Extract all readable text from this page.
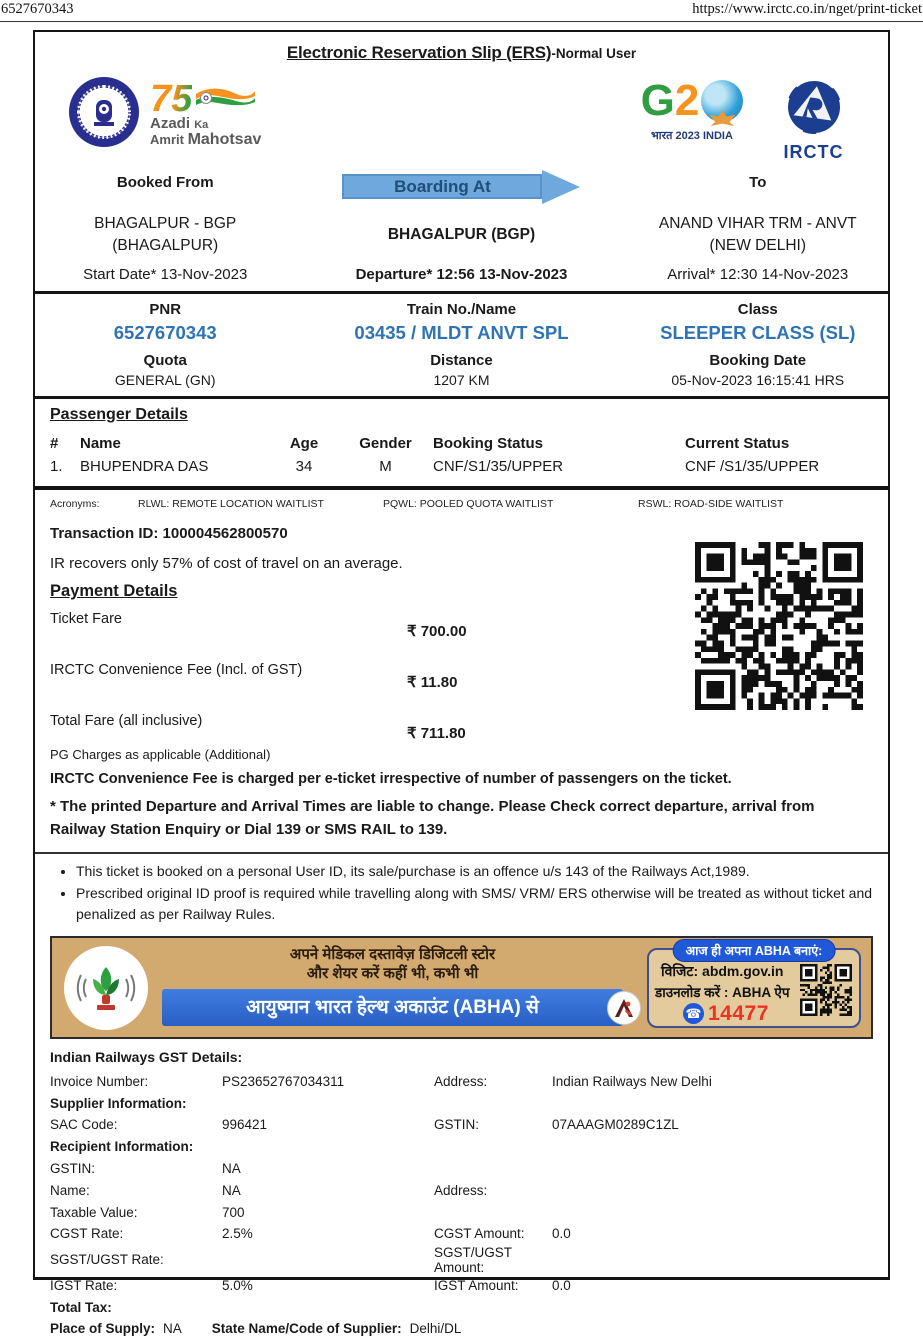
6527670343	https://www.irctc.co.in/nget/print-ticket
Electronic Reservation Slip (ERS)-Normal User
75
Azadi Ka
Amrit Mahotsav
G 2
भारत 2023 INDIA
IRCTC
Booked From	Boarding At	To
BHAGALPUR - BGP (BHAGALPUR)
BHAGALPUR (BGP)
ANAND VIHAR TRM - ANVT (NEW DELHI)
Start Date* 13-Nov-2023	Departure* 12:56 13-Nov-2023	Arrival* 12:30 14-Nov-2023
PNR	Train No./Name	Class
6527670343	03435 / MLDT ANVT SPL	SLEEPER CLASS (SL)
Quota	Distance	Booking Date
GENERAL (GN)	1207 KM	05-Nov-2023 16:15:41 HRS
Passenger Details
#	Name	Age	Gender	Booking Status	Current Status
1.	BHUPENDRA DAS	34	M	CNF/S1/35/UPPER	CNF /S1/35/UPPER
Acronyms:	RLWL: REMOTE LOCATION WAITLIST	PQWL: POOLED QUOTA WAITLIST	RSWL: ROAD-SIDE WAITLIST
Transaction ID: 100004562800570
IR recovers only 57% of cost of travel on an average.
Payment Details
Ticket Fare
₹ 700.00
IRCTC Convenience Fee (Incl. of GST)
₹ 11.80
Total Fare (all inclusive)
₹ 711.80
PG Charges as applicable (Additional)
IRCTC Convenience Fee is charged per e-ticket irrespective of number of passengers on the ticket.
* The printed Departure and Arrival Times are liable to change. Please Check correct departure, arrival from Railway Station Enquiry or Dial 139 or SMS RAIL to 139.
• This ticket is booked on a personal User ID, its sale/purchase is an offence u/s 143 of the Railways Act,1989.
• Prescribed original ID proof is required while travelling along with SMS/ VRM/ ERS otherwise will be treated as without ticket and penalized as per Railway Rules.
अपने मेडिकल दस्तावेज़ डिजिटली स्टोर
और शेयर करें कहीं भी, कभी भी
आयुष्मान भारत हेल्थ अकाउंट (ABHA) से
आज ही अपना ABHA बनाएं:
विजिट: abdm.gov.in
डाउनलोड करें : ABHA ऐप
☎ 14477
Indian Railways GST Details:
Invoice Number:	PS23652767034311	Address:	Indian Railways New Delhi
Supplier Information:
SAC Code:	996421	GSTIN:	07AAAGM0289C1ZL
Recipient Information:
GSTIN:	NA
Name:	NA	Address:
Taxable Value:	700
CGST Rate:	2.5%	CGST Amount:	0.0
SGST/UGST Rate:	SGST/UGST Amount:
IGST Rate:	5.0%	IGST Amount:	0.0
Total Tax:
Place of Supply: NA State Name/Code of Supplier: Delhi/DL
